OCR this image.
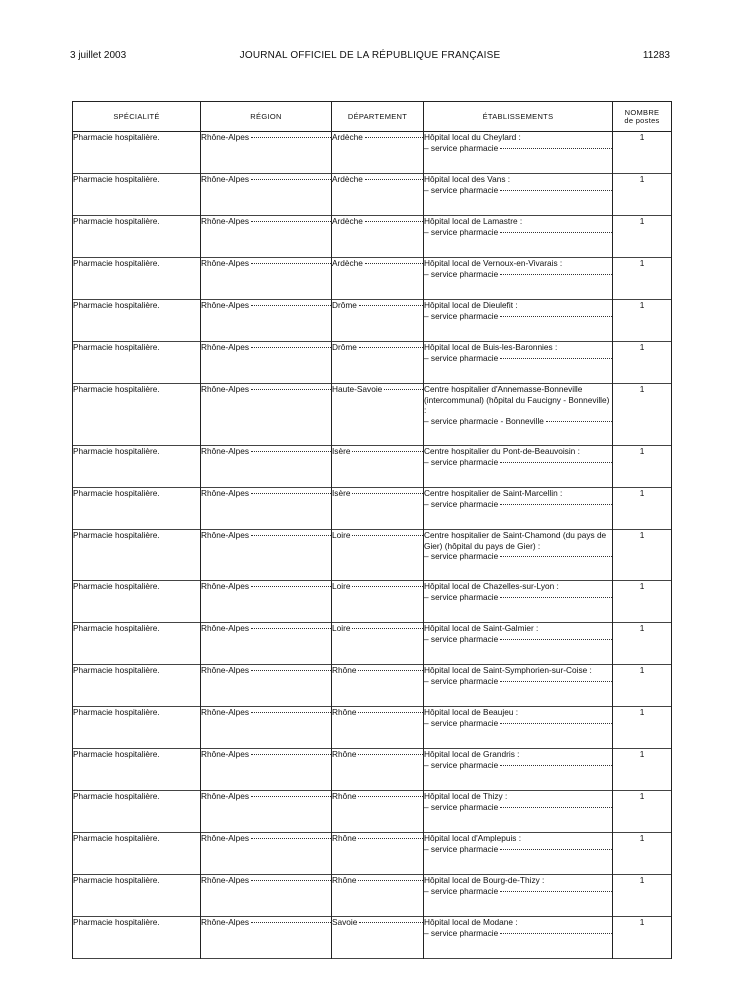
3 juillet 2003	JOURNAL OFFICIEL DE LA RÉPUBLIQUE FRANÇAISE	11283
SPÉCIALITÉ	RÉGION	DÉPARTEMENT	ÉTABLISSEMENTS	NOMBRE
de postes

Pharmacie hospitalière.	Rhône-Alpes	Ardèche	Hôpital local du Cheylard :
– service pharmacie	1
Pharmacie hospitalière.	Rhône-Alpes	Ardèche	Hôpital local des Vans :
– service pharmacie	1
Pharmacie hospitalière.	Rhône-Alpes	Ardèche	Hôpital local de Lamastre :
– service pharmacie	1
Pharmacie hospitalière.	Rhône-Alpes	Ardèche	Hôpital local de Vernoux-en-Vivarais :
– service pharmacie	1
Pharmacie hospitalière.	Rhône-Alpes	Drôme	Hôpital local de Dieulefit :
– service pharmacie	1
Pharmacie hospitalière.	Rhône-Alpes	Drôme	Hôpital local de Buis-les-Baronnies :
– service pharmacie	1
Pharmacie hospitalière.	Rhône-Alpes	Haute-Savoie	Centre hospitalier d'Annemasse-Bonneville (intercommunal) (hôpital du Faucigny - Bonneville) :
– service pharmacie - Bonneville	1
Pharmacie hospitalière.	Rhône-Alpes	Isère	Centre hospitalier du Pont-de-Beauvoisin :
– service pharmacie	1
Pharmacie hospitalière.	Rhône-Alpes	Isère	Centre hospitalier de Saint-Marcellin :
– service pharmacie	1
Pharmacie hospitalière.	Rhône-Alpes	Loire	Centre hospitalier de Saint-Chamond (du pays de Gier) (hôpital du pays de Gier) :
– service pharmacie	1
Pharmacie hospitalière.	Rhône-Alpes	Loire	Hôpital local de Chazelles-sur-Lyon :
– service pharmacie	1
Pharmacie hospitalière.	Rhône-Alpes	Loire	Hôpital local de Saint-Galmier :
– service pharmacie	1
Pharmacie hospitalière.	Rhône-Alpes	Rhône	Hôpital local de Saint-Symphorien-sur-Coise :
– service pharmacie	1
Pharmacie hospitalière.	Rhône-Alpes	Rhône	Hôpital local de Beaujeu :
– service pharmacie	1
Pharmacie hospitalière.	Rhône-Alpes	Rhône	Hôpital local de Grandris :
– service pharmacie	1
Pharmacie hospitalière.	Rhône-Alpes	Rhône	Hôpital local de Thizy :
– service pharmacie	1
Pharmacie hospitalière.	Rhône-Alpes	Rhône	Hôpital local d'Amplepuis :
– service pharmacie	1
Pharmacie hospitalière.	Rhône-Alpes	Rhône	Hôpital local de Bourg-de-Thizy :
– service pharmacie	1
Pharmacie hospitalière.	Rhône-Alpes	Savoie	Hôpital local de Modane :
– service pharmacie	1
